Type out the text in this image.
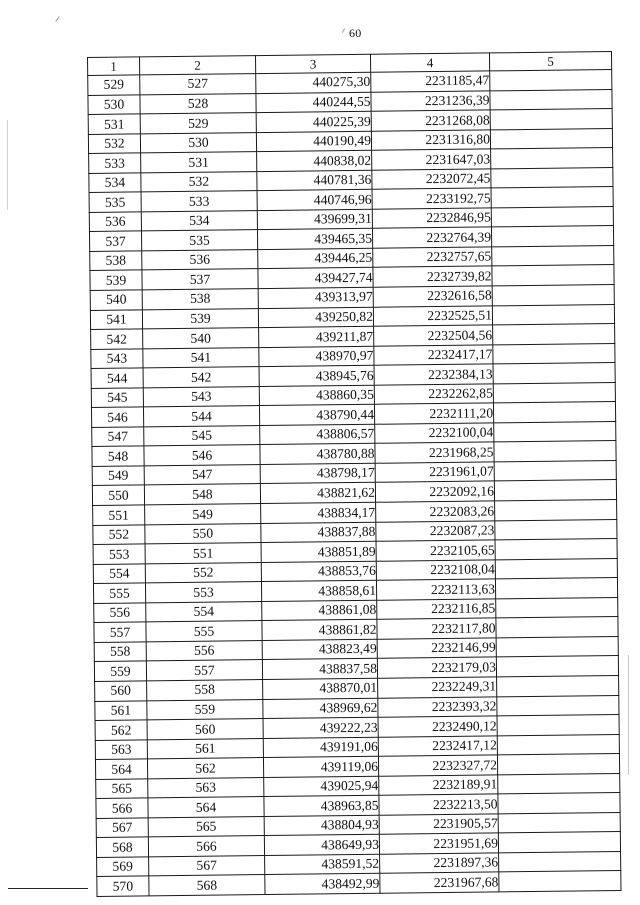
60
1	2	3	4	5
529	527	440275,30	2231185,47	
530	528	440244,55	2231236,39	
531	529	440225,39	2231268,08	
532	530	440190,49	2231316,80	
533	531	440838,02	2231647,03	
534	532	440781,36	2232072,45	
535	533	440746,96	2233192,75	
536	534	439699,31	2232846,95	
537	535	439465,35	2232764,39	
538	536	439446,25	2232757,65	
539	537	439427,74	2232739,82	
540	538	439313,97	2232616,58	
541	539	439250,82	2232525,51	
542	540	439211,87	2232504,56	
543	541	438970,97	2232417,17	
544	542	438945,76	2232384,13	
545	543	438860,35	2232262,85	
546	544	438790,44	2232111,20	
547	545	438806,57	2232100,04	
548	546	438780,88	2231968,25	
549	547	438798,17	2231961,07	
550	548	438821,62	2232092,16	
551	549	438834,17	2232083,26	
552	550	438837,88	2232087,23	
553	551	438851,89	2232105,65	
554	552	438853,76	2232108,04	
555	553	438858,61	2232113,63	
556	554	438861,08	2232116,85	
557	555	438861,82	2232117,80	
558	556	438823,49	2232146,99	
559	557	438837,58	2232179,03	
560	558	438870,01	2232249,31	
561	559	438969,62	2232393,32	
562	560	439222,23	2232490,12	
563	561	439191,06	2232417,12	
564	562	439119,06	2232327,72	
565	563	439025,94	2232189,91	
566	564	438963,85	2232213,50	
567	565	438804,93	2231905,57	
568	566	438649,93	2231951,69	
569	567	438591,52	2231897,36	
570	568	438492,99	2231967,68	
